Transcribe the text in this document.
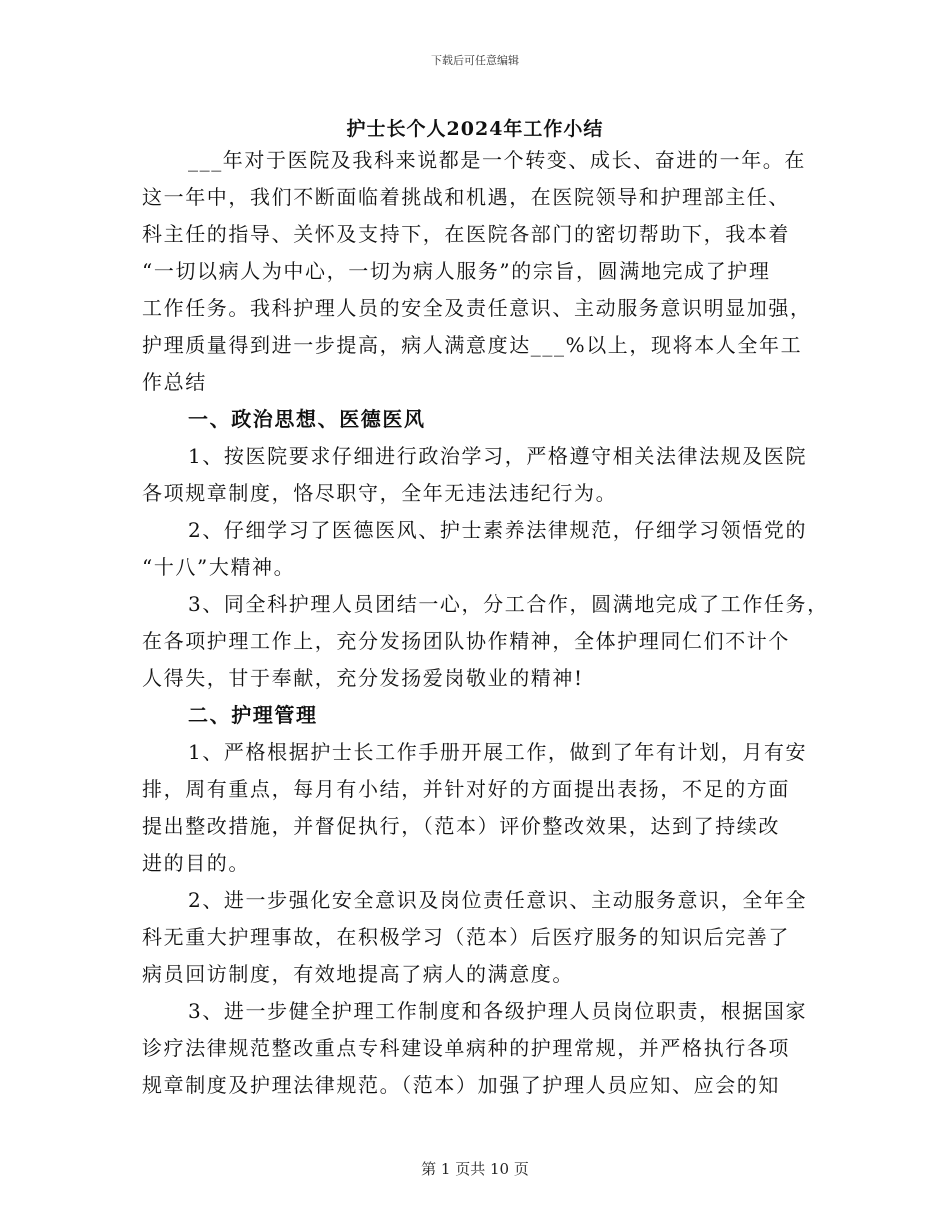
下载后可任意编辑
护士长个人2024年工作小结
___年对于医院及我科来说都是一个转变、成长、奋进的一年。在
这一年中，我们不断面临着挑战和机遇，在医院领导和护理部主任、
科主任的指导、关怀及支持下，在医院各部门的密切帮助下，我本着
“一切以病人为中心，一切为病人服务”的宗旨，圆满地完成了护理
工作任务。我科护理人员的安全及责任意识、主动服务意识明显加强，
护理质量得到进一步提高，病人满意度达___%以上，现将本人全年工
作总结
一、政治思想、医德医风
1、按医院要求仔细进行政治学习，严格遵守相关法律法规及医院
各项规章制度，恪尽职守，全年无违法违纪行为。
2、仔细学习了医德医风、护士素养法律规范，仔细学习领悟党的
“十八”大精神。
3、同全科护理人员团结一心，分工合作，圆满地完成了工作任务，
在各项护理工作上，充分发扬团队协作精神，全体护理同仁们不计个
人得失，甘于奉献，充分发扬爱岗敬业的精神!
二、护理管理
1、严格根据护士长工作手册开展工作，做到了年有计划，月有安
排，周有重点，每月有小结，并针对好的方面提出表扬，不足的方面
提出整改措施，并督促执行，（范本）评价整改效果，达到了持续改
进的目的。
2、进一步强化安全意识及岗位责任意识、主动服务意识，全年全
科无重大护理事故，在积极学习（范本）后医疗服务的知识后完善了
病员回访制度，有效地提高了病人的满意度。
3、进一步健全护理工作制度和各级护理人员岗位职责，根据国家
诊疗法律规范整改重点专科建设单病种的护理常规，并严格执行各项
规章制度及护理法律规范。（范本）加强了护理人员应知、应会的知
第 1 页共 10 页
